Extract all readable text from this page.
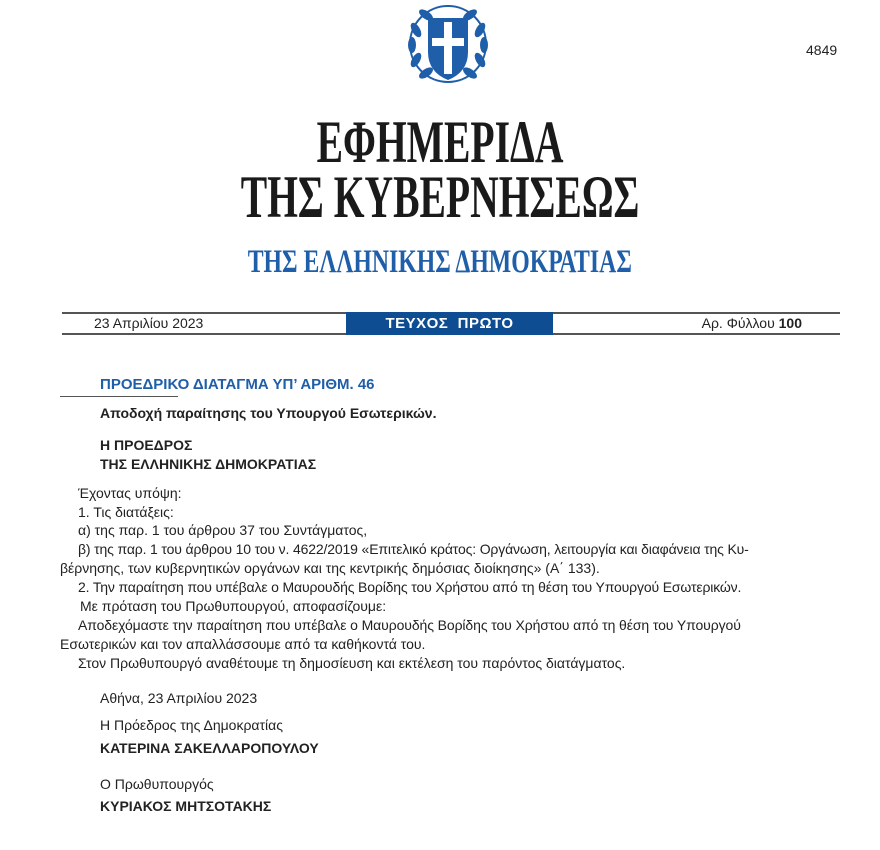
4849
ΕΦΗΜΕΡΙΔΑ
ΤΗΣ ΚΥΒΕΡΝΗΣΕΩΣ
ΤΗΣ ΕΛΛΗΝΙΚΗΣ ΔΗΜΟΚΡΑΤΙΑΣ
23 Απριλίου 2023	ΤΕΥΧΟΣ  ΠΡΩΤΟ	Αρ. Φύλλου 100
ΠΡΟΕΔΡΙΚΟ ΔΙΑΤΑΓΜΑ ΥΠ’ ΑΡΙΘΜ. 46
Αποδοχή παραίτησης του Υπουργού Εσωτερικών.
Η ΠΡΟΕΔΡΟΣ
ΤΗΣ ΕΛΛΗΝΙΚΗΣ ΔΗΜΟΚΡΑΤΙΑΣ
Έχοντας υπόψη:
1. Τις διατάξεις:
α) της παρ. 1 του άρθρου 37 του Συντάγματος,
β) της παρ. 1 του άρθρου 10 του ν. 4622/2019 «Επιτελικό κράτος: Οργάνωση, λειτουργία και διαφάνεια της Κυ-
βέρνησης, των κυβερνητικών οργάνων και της κεντρικής δημόσιας διοίκησης» (Α΄ 133).
2. Την παραίτηση που υπέβαλε ο Μαυρουδής Βορίδης του Χρήστου από τη θέση του Υπουργού Εσωτερικών.
Με πρόταση του Πρωθυπουργού, αποφασίζουμε:
Αποδεχόμαστε την παραίτηση που υπέβαλε ο Μαυρουδής Βορίδης του Χρήστου από τη θέση του Υπουργού
Εσωτερικών και τον απαλλάσσουμε από τα καθήκοντά του.
Στον Πρωθυπουργό αναθέτουμε τη δημοσίευση και εκτέλεση του παρόντος διατάγματος.
Αθήνα, 23 Απριλίου 2023
Η Πρόεδρος της Δημοκρατίας
ΚΑΤΕΡΙΝΑ ΣΑΚΕΛΛΑΡΟΠΟΥΛΟΥ
Ο Πρωθυπουργός
ΚΥΡΙΑΚΟΣ ΜΗΤΣΟΤΑΚΗΣ
